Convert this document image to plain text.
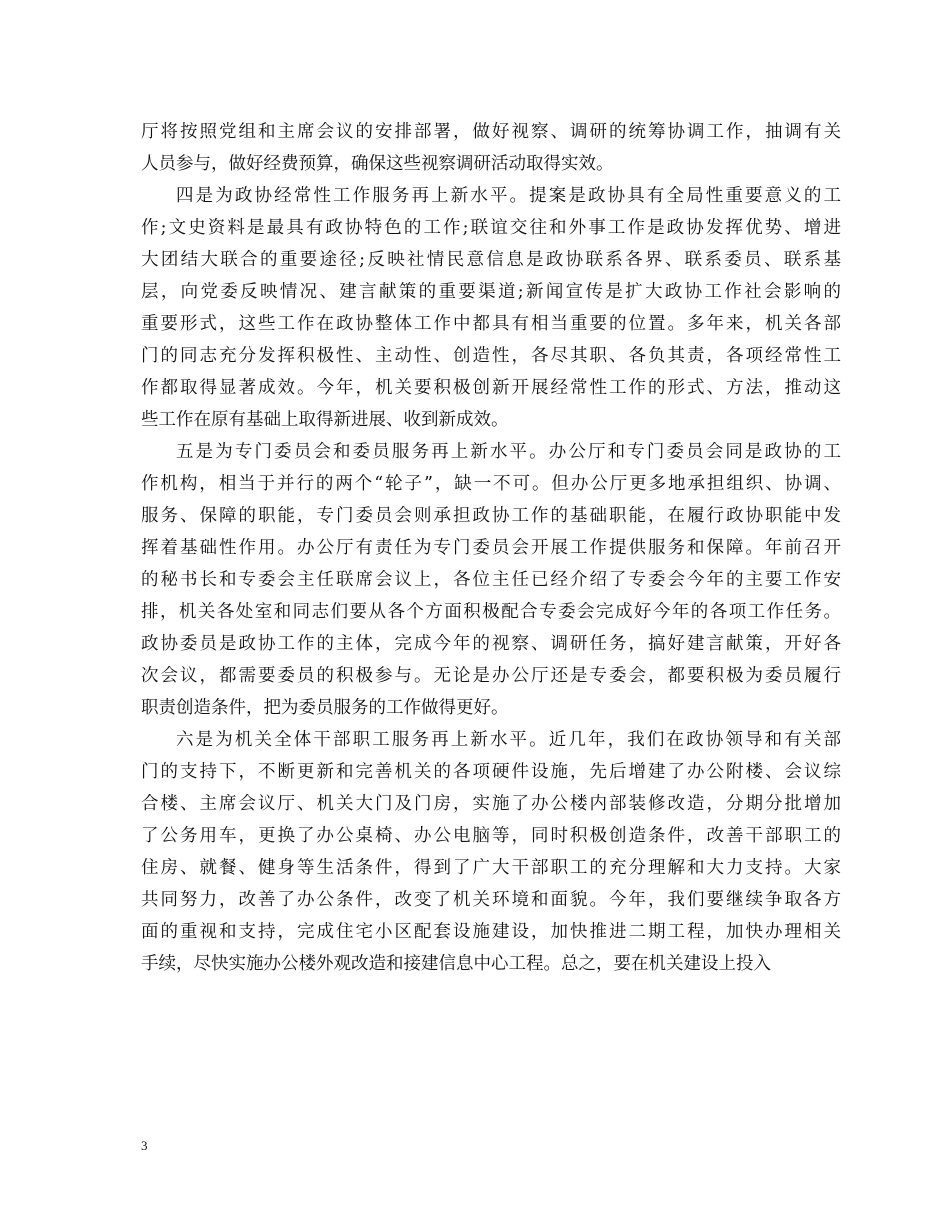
厅将按照党组和主席会议的安排部署，做好视察、调研的统筹协调工作，抽调有关
人员参与，做好经费预算，确保这些视察调研活动取得实效。
四是为政协经常性工作服务再上新水平。提案是政协具有全局性重要意义的工
作;文史资料是最具有政协特色的工作;联谊交往和外事工作是政协发挥优势、增进
大团结大联合的重要途径;反映社情民意信息是政协联系各界、联系委员、联系基
层，向党委反映情况、建言献策的重要渠道;新闻宣传是扩大政协工作社会影响的
重要形式，这些工作在政协整体工作中都具有相当重要的位置。多年来，机关各部
门的同志充分发挥积极性、主动性、创造性，各尽其职、各负其责，各项经常性工
作都取得显著成效。今年，机关要积极创新开展经常性工作的形式、方法，推动这
些工作在原有基础上取得新进展、收到新成效。
五是为专门委员会和委员服务再上新水平。办公厅和专门委员会同是政协的工
作机构，相当于并行的两个“轮子”，缺一不可。但办公厅更多地承担组织、协调、
服务、保障的职能，专门委员会则承担政协工作的基础职能，在履行政协职能中发
挥着基础性作用。办公厅有责任为专门委员会开展工作提供服务和保障。年前召开
的秘书长和专委会主任联席会议上，各位主任已经介绍了专委会今年的主要工作安
排，机关各处室和同志们要从各个方面积极配合专委会完成好今年的各项工作任务。
政协委员是政协工作的主体，完成今年的视察、调研任务，搞好建言献策，开好各
次会议，都需要委员的积极参与。无论是办公厅还是专委会，都要积极为委员履行
职责创造条件，把为委员服务的工作做得更好。
六是为机关全体干部职工服务再上新水平。近几年，我们在政协领导和有关部
门的支持下，不断更新和完善机关的各项硬件设施，先后增建了办公附楼、会议综
合楼、主席会议厅、机关大门及门房，实施了办公楼内部装修改造，分期分批增加
了公务用车，更换了办公桌椅、办公电脑等，同时积极创造条件，改善干部职工的
住房、就餐、健身等生活条件，得到了广大干部职工的充分理解和大力支持。大家
共同努力，改善了办公条件，改变了机关环境和面貌。今年，我们要继续争取各方
面的重视和支持，完成住宅小区配套设施建设，加快推进二期工程，加快办理相关
手续，尽快实施办公楼外观改造和接建信息中心工程。总之，要在机关建设上投入
3
